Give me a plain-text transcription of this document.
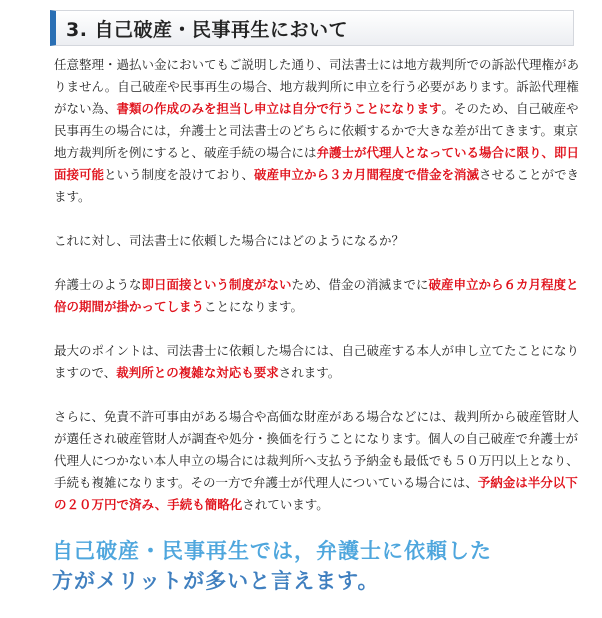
3. 自己破産・民事再生において

任意整理・過払い金においてもご説明した通り、司法書士には地方裁判所での訴訟代理権がありません。自己破産や民事再生の場合、地方裁判所に申立を行う必要があります。訴訟代理権がない為、書類の作成のみを担当し申立は自分で行うことになります。そのため、自己破産や民事再生の場合には，弁護士と司法書士のどちらに依頼するかで大きな差が出てきます。東京地方裁判所を例にすると、破産手続の場合には弁護士が代理人となっている場合に限り、即日面接可能という制度を設けており、破産申立から３カ月間程度で借金を消滅させることができます。

これに対し、司法書士に依頼した場合にはどのようになるか？

弁護士のような即日面接という制度がないため、借金の消滅までに破産申立から６カ月程度と倍の期間が掛かってしまうことになります。

最大のポイントは、司法書士に依頼した場合には、自己破産する本人が申し立てたことになりますので、裁判所との複雑な対応も要求されます。

さらに、免責不許可事由がある場合や高価な財産がある場合などには、裁判所から破産管財人が選任され破産管財人が調査や処分・換価を行うことになります。個人の自己破産で弁護士が代理人につかない本人申立の場合には裁判所へ支払う予納金も最低でも５０万円以上となり、手続も複雑になります。その一方で弁護士が代理人についている場合には、予納金は半分以下の２０万円で済み、手続も簡略化されています。

自己破産・民事再生では，弁護士に依頼した
方がメリットが多いと言えます。
